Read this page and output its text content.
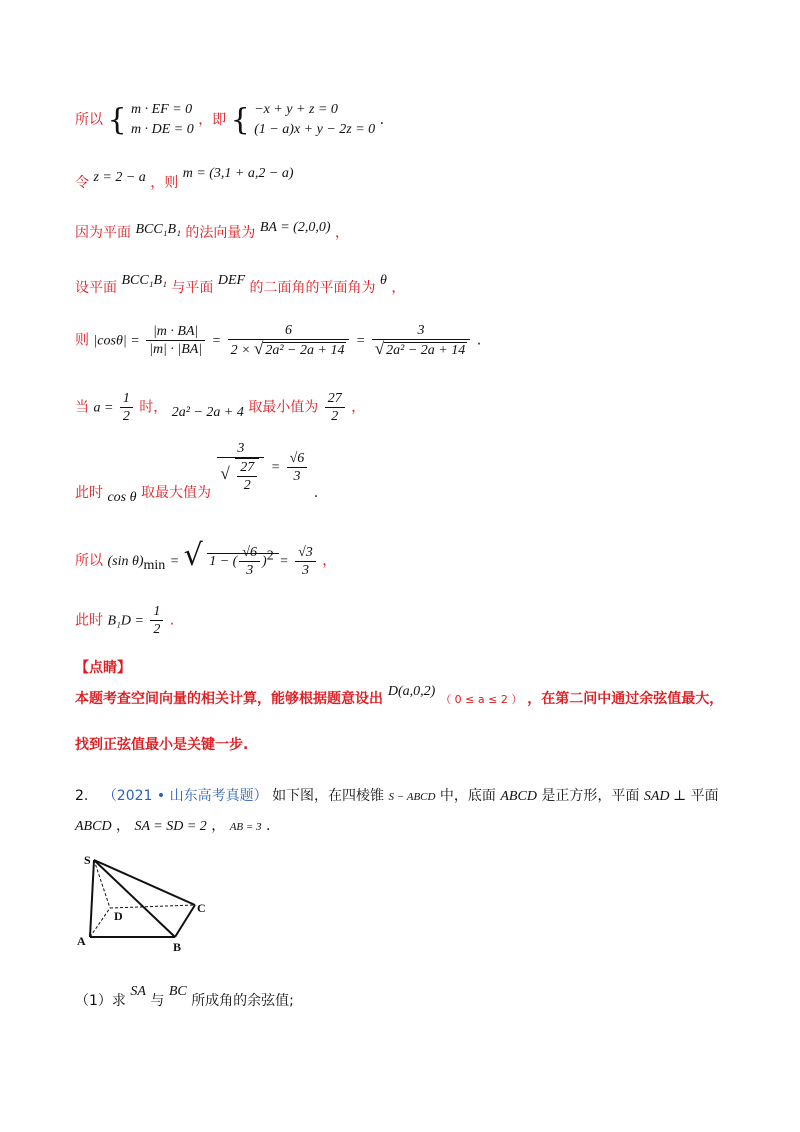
所以 { m · EF = 0
m · DE = 0
，即 { −x + y + z = 0
(1 − a)x + y − 2z = 0
.
令 z = 2 − a ，则 m = (3,1 + a,2 − a)
因为平面 BCC₁B₁ 的法向量为 BA = (2,0,0) ，
设平面 BCC₁B₁ 与平面 DEF 的二面角的平面角为 θ ，
则 $|\cos\theta| = \frac{|m \cdot BA|}{|m| \cdot |BA|} = \frac{6}{\text{2 × √ 2a² − 2a + 14}} = \frac{3}{\text{√ 2a² − 2a + 14}}$ .
当 $a = \frac{1}{2}$ 时， 2a² − 2a + 4 取最小值为 $\frac{27}{2}$ ，
此时 cos θ 取最大值为 $\frac{3}{√ \frac{27}{2}} = \frac{√6}{3}$
.
所以 (sin $\theta)_{min}$ = √ 1 − ( $\frac{√6}{3} )^2 = \frac{√3}{3}$ ，
此时 $B_1D = \frac{1}{2}$ .
【点睛】
本题考查空间向量的相关计算，能够根据题意设出 D(a,0,2) （ 0 ≤ a ≤ 2 ） ，在第二问中通过余弦值最大，
找到正弦值最小是关键一步.
2. （2021 • 山东高考真题） 如下图，在四棱锥 S − ABCD 中，底面 ABCD 是正方形，平面 SAD ⊥ 平面
ABCD ， SA = SD = 2 ， AB = 3 .
S
A	B
C
D
（1）求 SA 与 BC 所成角的余弦值;
